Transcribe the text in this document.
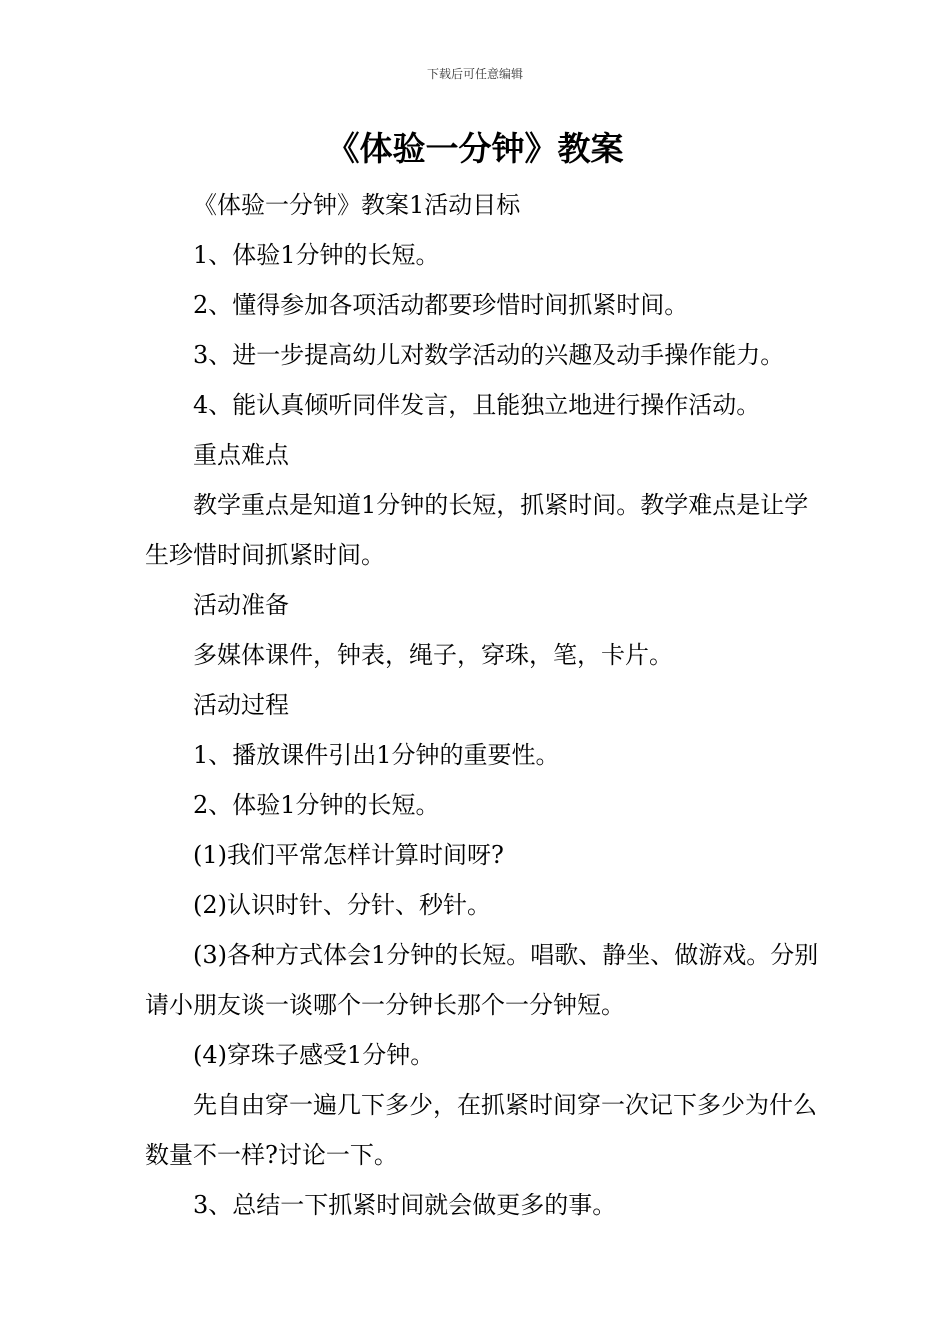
下载后可任意编辑
《体验一分钟》教案

《体验一分钟》教案1活动目标

1、体验1分钟的长短。

2、懂得参加各项活动都要珍惜时间抓紧时间。

3、进一步提高幼儿对数学活动的兴趣及动手操作能力。

4、能认真倾听同伴发言，且能独立地进行操作活动。

重点难点

教学重点是知道1分钟的长短，抓紧时间。教学难点是让学生珍惜时间抓紧时间。

活动准备

多媒体课件，钟表，绳子，穿珠，笔，卡片。

活动过程

1、播放课件引出1分钟的重要性。

2、体验1分钟的长短。

(1)我们平常怎样计算时间呀?

(2)认识时针、分针、秒针。

(3)各种方式体会1分钟的长短。唱歌、静坐、做游戏。分别请小朋友谈一谈哪个一分钟长那个一分钟短。

(4)穿珠子感受1分钟。

先自由穿一遍几下多少，在抓紧时间穿一次记下多少为什么数量不一样?讨论一下。

3、总结一下抓紧时间就会做更多的事。
